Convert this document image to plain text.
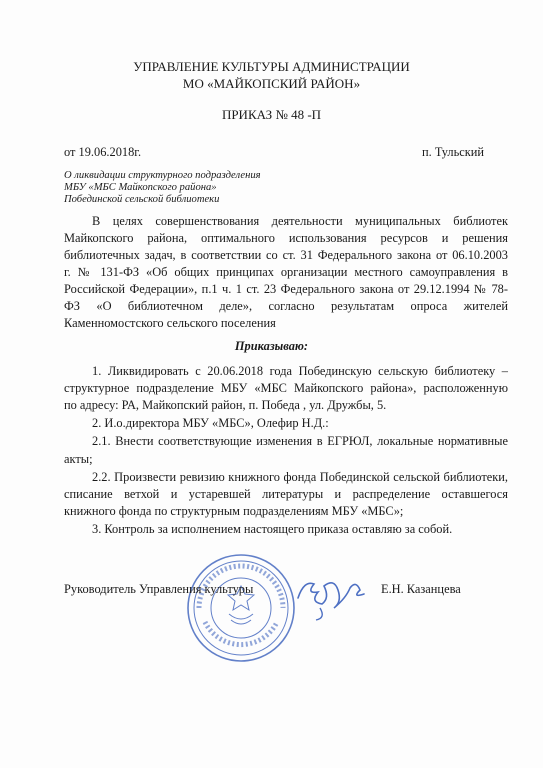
УПРАВЛЕНИЕ КУЛЬТУРЫ АДМИНИСТРАЦИИ
МО «МАЙКОПСКИЙ РАЙОН»
ПРИКАЗ № 48 -П
от 19.06.2018г.	п. Тульский
О ликвидации структурного подразделения
МБУ «МБС Майкопского района»
Побединской сельской библиотеки
В целях совершенствования деятельности муниципальных библиотек
Майкопского района, оптимального использования ресурсов и решения
библиотечных задач, в соответствии со ст. 31 Федерального закона от 06.10.2003
г. № 131-ФЗ «Об общих принципах организации местного самоуправления в
Российской Федерации», п.1 ч. 1 ст. 23 Федерального закона от 29.12.1994 № 78-
ФЗ «О библиотечном деле», согласно результатам опроса жителей
Каменномостского сельского поселения
Приказываю:
1. Ликвидировать с 20.06.2018 года Побединскую сельскую библиотеку –
структурное подразделение МБУ «МБС Майкопского района», расположенную
по адресу: РА, Майкопский район, п. Победа , ул. Дружбы, 5.
2. И.о.директора МБУ «МБС», Олефир Н.Д.:
2.1. Внести соответствующие изменения в ЕГРЮЛ, локальные нормативные
акты;
2.2. Произвести ревизию книжного фонда Побединской сельской библиотеки,
списание ветхой и устаревшей литературы и распределение оставшегося
книжного фонда по структурным подразделениям МБУ «МБС»;
3. Контроль за исполнением настоящего приказа оставляю за собой.
Руководитель Управления культуры	Е.Н. Казанцева
